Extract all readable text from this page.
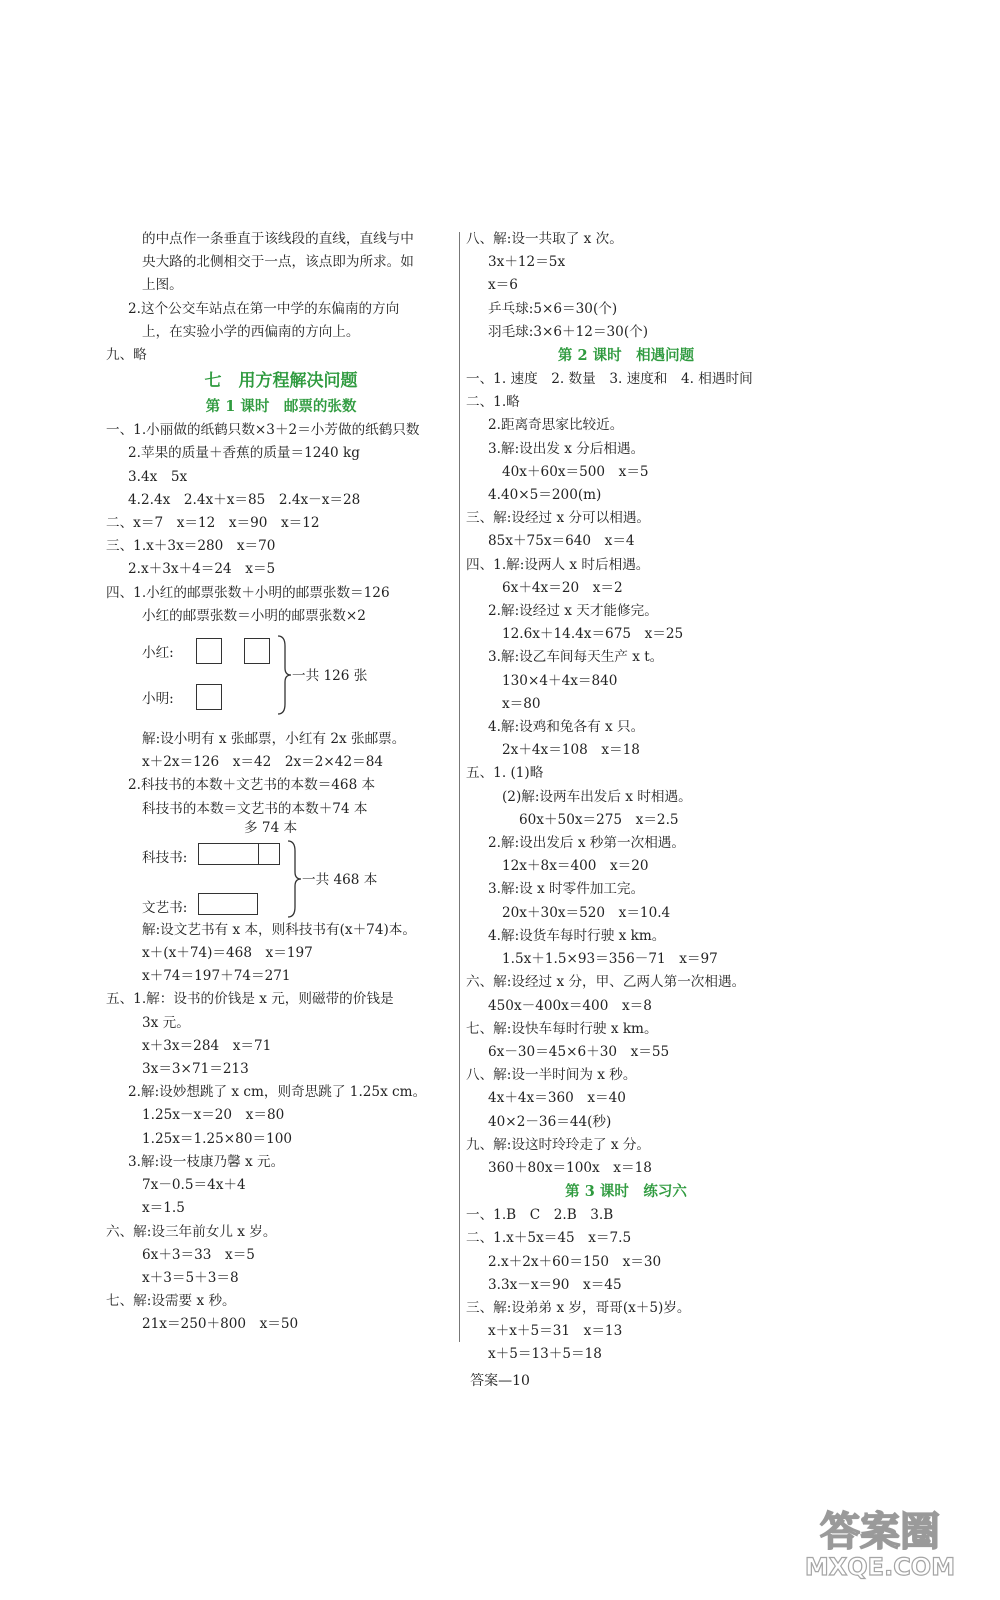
的中点作一条垂直于该线段的直线，直线与中
央大路的北侧相交于一点，该点即为所求。如
上图。
2.这个公交车站点在第一中学的东偏南的方向
上，在实验小学的西偏南的方向上。
九、略
七　用方程解决问题
第 1 课时　邮票的张数
一、1.小丽做的纸鹤只数×3＋2＝小芳做的纸鹤只数
2.苹果的质量＋香蕉的质量＝1240 kg
3.4x　5x
4.2.4x　2.4x＋x＝85　2.4x－x＝28
二、x＝7　x＝12　x＝90　x＝12
三、1.x＋3x＝280　x＝70
2.x＋3x＋4＝24　x＝5
四、1.小红的邮票张数＋小明的邮票张数＝126
小红的邮票张数＝小明的邮票张数×2
小红:
小明:
一共 126 张
解:设小明有 x 张邮票，小红有 2x 张邮票。
x＋2x＝126　x＝42　2x＝2×42＝84
2.科技书的本数＋文艺书的本数＝468 本
科技书的本数＝文艺书的本数＋74 本
多 74 本
科技书:
文艺书:
一共 468 本
解:设文艺书有 x 本，则科技书有(x＋74)本。
x＋(x＋74)＝468　x＝197
x＋74＝197＋74＝271
五、1.解：设书的价钱是 x 元，则磁带的价钱是
3x 元。
x＋3x＝284　x＝71
3x＝3×71＝213
2.解:设妙想跳了 x cm，则奇思跳了 1.25x cm。
1.25x－x＝20　x＝80
1.25x＝1.25×80＝100
3.解:设一枝康乃馨 x 元。
7x－0.5＝4x＋4
x＝1.5
六、解:设三年前女儿 x 岁。
6x＋3＝33　x＝5
x＋3＝5＋3＝8
七、解:设需要 x 秒。
21x＝250＋800　x＝50
八、解:设一共取了 x 次。
3x＋12＝5x
x＝6
乒乓球:5×6＝30(个)
羽毛球:3×6＋12＝30(个)
第 2 课时　相遇问题
一、1. 速度　2. 数量　3. 速度和　4. 相遇时间
二、1.略
2.距离奇思家比较近。
3.解:设出发 x 分后相遇。
40x＋60x＝500　x＝5
4.40×5＝200(m)
三、解:设经过 x 分可以相遇。
85x＋75x＝640　x＝4
四、1.解:设两人 x 时后相遇。
6x＋4x＝20　x＝2
2.解:设经过 x 天才能修完。
12.6x＋14.4x＝675　x＝25
3.解:设乙车间每天生产 x t。
130×4＋4x＝840
x＝80
4.解:设鸡和兔各有 x 只。
2x＋4x＝108　x＝18
五、1. (1)略
(2)解:设两车出发后 x 时相遇。
60x＋50x＝275　x＝2.5
2.解:设出发后 x 秒第一次相遇。
12x＋8x＝400　x＝20
3.解:设 x 时零件加工完。
20x＋30x＝520　x＝10.4
4.解:设货车每时行驶 x km。
1.5x＋1.5×93＝356－71　x＝97
六、解:设经过 x 分，甲、乙两人第一次相遇。
450x－400x＝400　x＝8
七、解:设快车每时行驶 x km。
6x－30＝45×6＋30　x＝55
八、解:设一半时间为 x 秒。
4x＋4x＝360　x＝40
40×2－36＝44(秒)
九、解:设这时玲玲走了 x 分。
360＋80x＝100x　x＝18
第 3 课时　练习六
一、1.B　C　2.B　3.B
二、1.x＋5x＝45　x＝7.5
2.x＋2x＋60＝150　x＝30
3.3x－x＝90　x＝45
三、解:设弟弟 x 岁，哥哥(x＋5)岁。
x＋x＋5＝31　x＝13
x＋5＝13＋5＝18
答案—10
答案圈
MXQE.COM
